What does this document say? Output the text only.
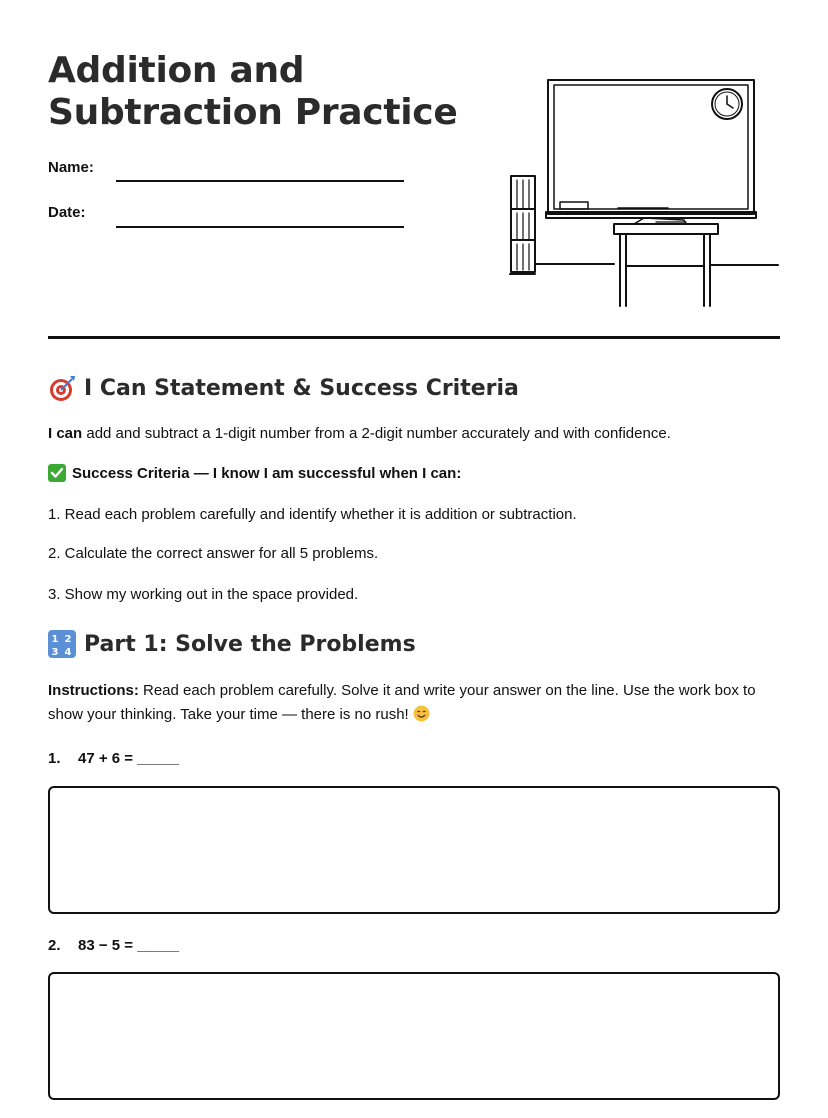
Addition and
Subtraction Practice
Name:
Date:
I Can Statement & Success Criteria
I can add and subtract a 1-digit number from a 2-digit number accurately and with confidence.
Success Criteria — I know I am successful when I can:
1. Read each problem carefully and identify whether it is addition or subtraction.
2. Calculate the correct answer for all 5 problems.
3. Show my working out in the space provided.
1 2
3 4 Part 1: Solve the Problems
Instructions: Read each problem carefully. Solve it and write your answer on the line. Use the work box to show your thinking. Take your time — there is no rush!
1. 47 + 6 = _____
2. 83 − 5 = _____
